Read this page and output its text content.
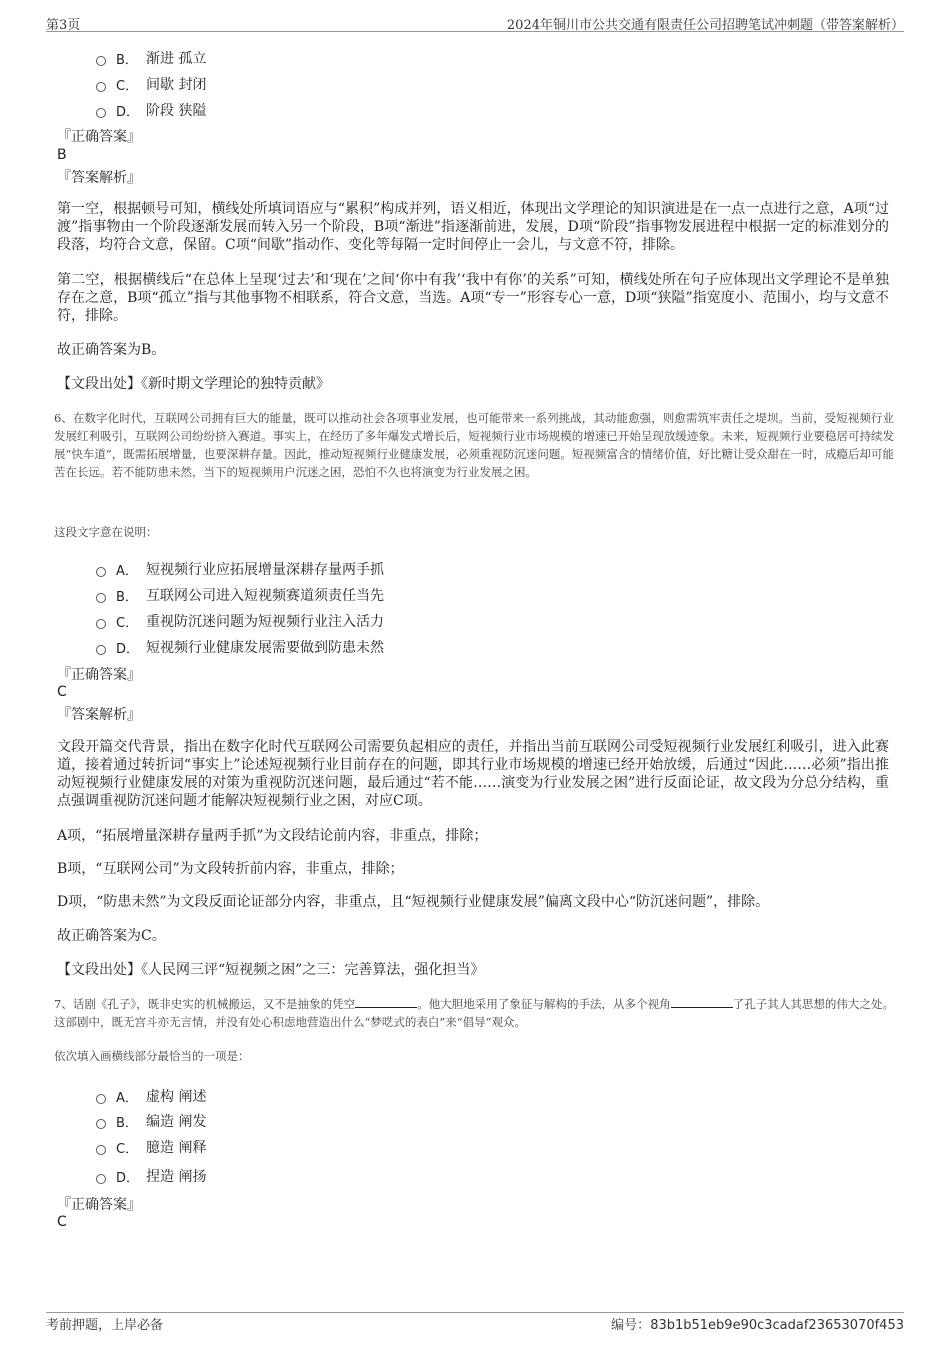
第3页	2024年铜川市公共交通有限责任公司招聘笔试冲刺题（带答案解析）
B． 渐进 孤立
C． 间歇 封闭
D． 阶段 狭隘
『正确答案』
B
『答案解析』
第一空，根据顿号可知，横线处所填词语应与“累积”构成并列，语义相近，体现出文学理论的知识演进是在一点一点进行之意，A项“过渡”指事物由一个阶段逐渐发展而转入另一个阶段，B项“渐进”指逐渐前进，发展，D项“阶段”指事物发展进程中根据一定的标准划分的段落，均符合文意，保留。C项“间歇”指动作、变化等每隔一定时间停止一会儿，与文意不符，排除。
第二空，根据横线后“在总体上呈现‘过去’和‘现在’之间‘你中有我’‘我中有你’的关系”可知，横线处所在句子应体现出文学理论不是单独存在之意，B项“孤立”指与其他事物不相联系，符合文意，当选。A项“专一”形容专心一意，D项“狭隘”指宽度小、范围小，均与文意不符，排除。
故正确答案为B。
【文段出处】《新时期文学理论的独特贡献》
6、在数字化时代，互联网公司拥有巨大的能量，既可以推动社会各项事业发展，也可能带来一系列挑战，其动能愈强，则愈需筑牢责任之堤坝。当前，受短视频行业发展红利吸引，互联网公司纷纷挤入赛道。事实上，在经历了多年爆发式增长后，短视频行业市场规模的增速已开始呈现放缓迹象。未来，短视频行业要稳居可持续发展“快车道”，既需拓展增量，也要深耕存量。因此，推动短视频行业健康发展，必须重视防沉迷问题。短视频富含的情绪价值，好比糖让受众甜在一时，成瘾后却可能苦在长远。若不能防患未然，当下的短视频用户沉迷之困，恐怕不久也将演变为行业发展之困。
这段文字意在说明：
A． 短视频行业应拓展增量深耕存量两手抓
B． 互联网公司进入短视频赛道须责任当先
C． 重视防沉迷问题为短视频行业注入活力
D． 短视频行业健康发展需要做到防患未然
『正确答案』
C
『答案解析』
文段开篇交代背景，指出在数字化时代互联网公司需要负起相应的责任，并指出当前互联网公司受短视频行业发展红利吸引，进入此赛道，接着通过转折词“事实上”论述短视频行业目前存在的问题，即其行业市场规模的增速已经开始放缓，后通过“因此……必须”指出推动短视频行业健康发展的对策为重视防沉迷问题，最后通过“若不能……演变为行业发展之困”进行反面论证，故文段为分总分结构，重点强调重视防沉迷问题才能解决短视频行业之困，对应C项。
A项，“拓展增量深耕存量两手抓”为文段结论前内容，非重点，排除；
B项，“互联网公司”为文段转折前内容，非重点，排除；
D项，“防患未然”为文段反面论证部分内容，非重点，且“短视频行业健康发展”偏离文段中心“防沉迷问题”，排除。
故正确答案为C。
【文段出处】《人民网三评“短视频之困”之三：完善算法，强化担当》
7、话剧《孔子》，既非史实的机械搬运，又不是抽象的凭空	。他大胆地采用了象征与解构的手法，从多个视角	了孔子其人其思想的伟大之处。这部剧中，既无宫斗亦无言情，并没有处心积虑地营造出什么“梦呓式的表白”来“倡导”观众。
依次填入画横线部分最恰当的一项是：
A． 虚构 阐述
B． 编造 阐发
C． 臆造 阐释
D． 捏造 阐扬
『正确答案』
C
考前押题，上岸必备	编号：83b1b51eb9e90c3cadaf23653070f453
